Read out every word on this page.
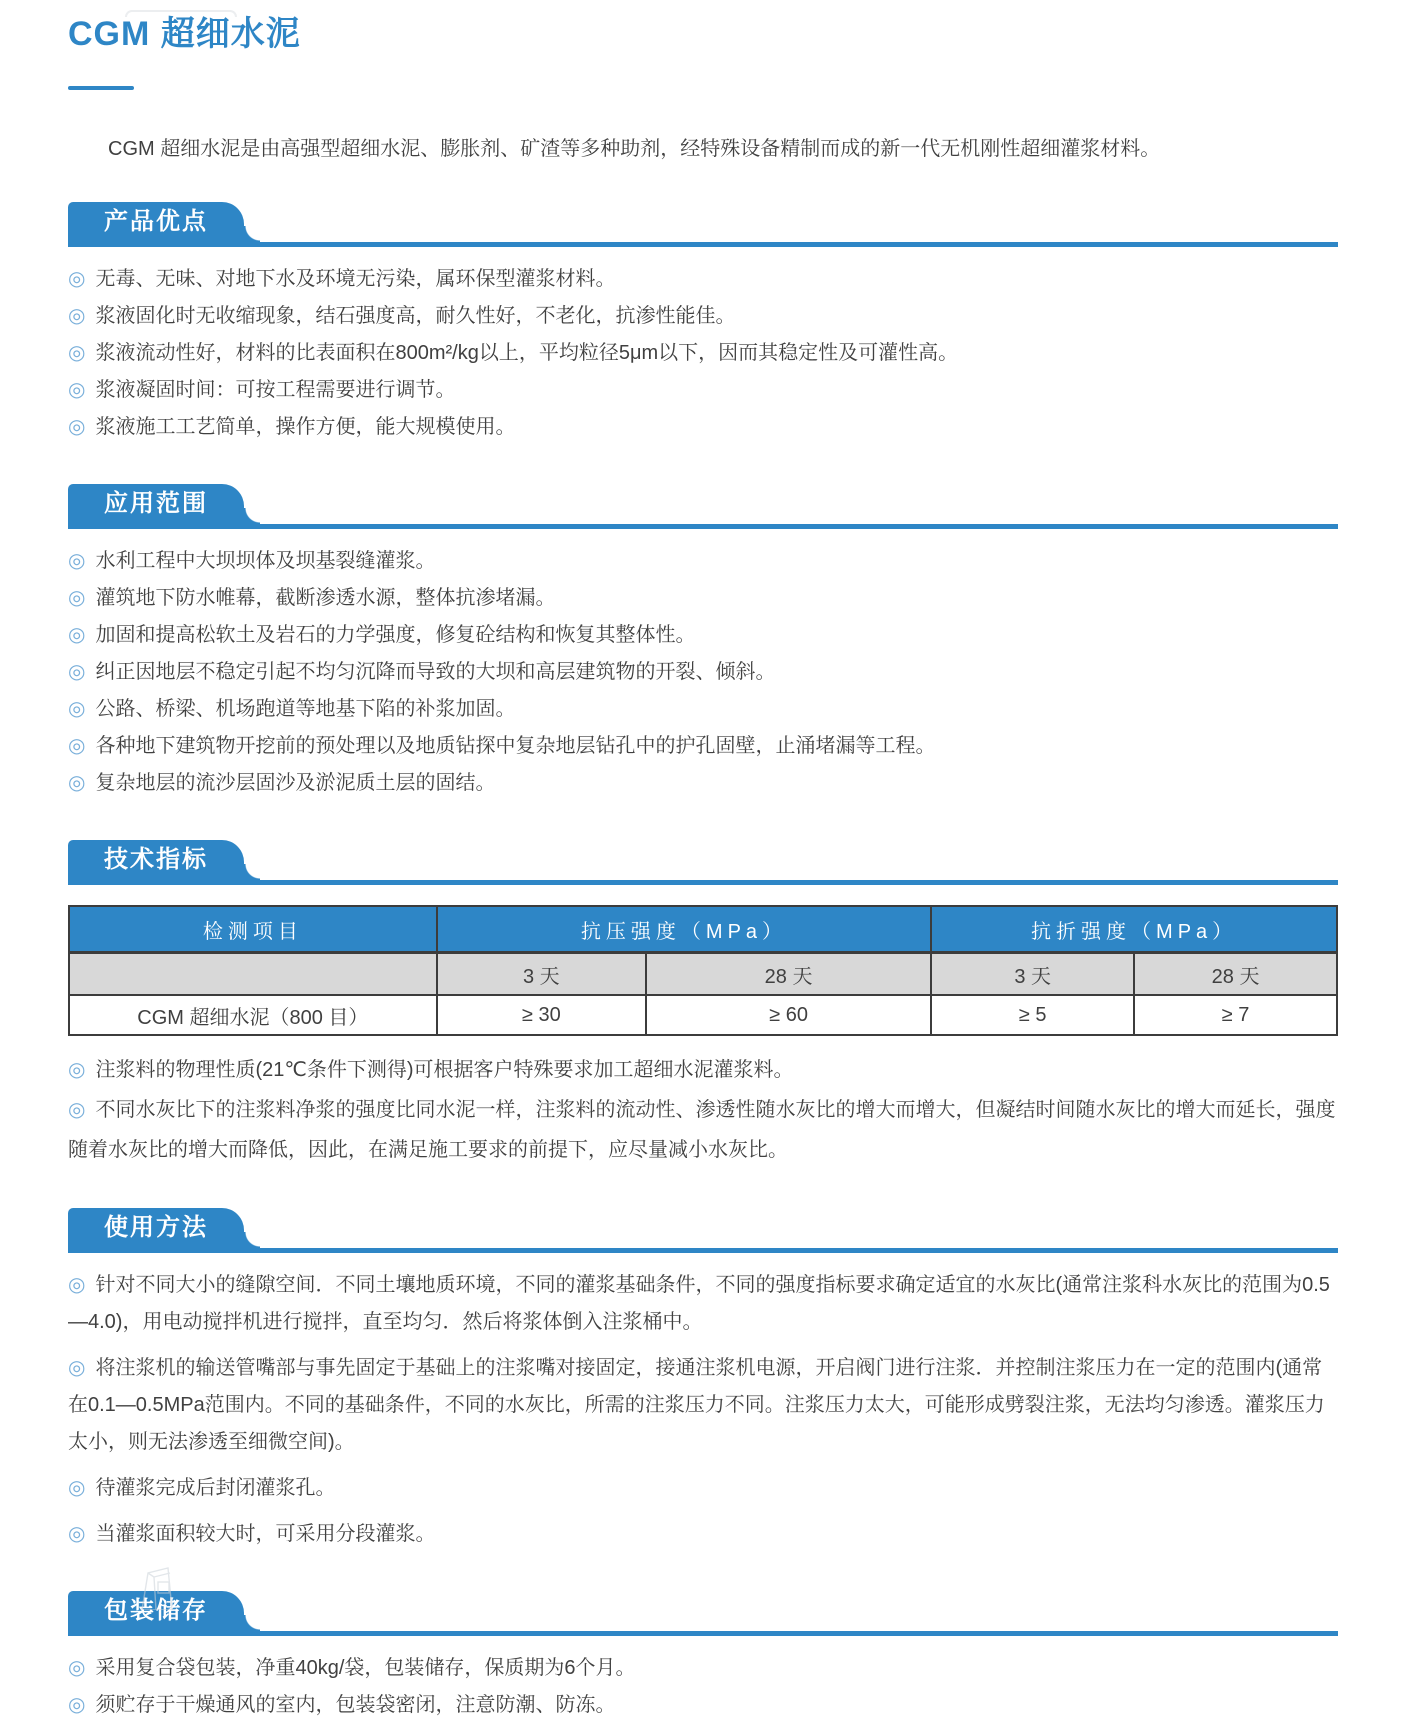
CGM 超细水泥

CGM 超细水泥是由高强型超细水泥、膨胀剂、矿渣等多种助剂，经特殊设备精制而成的新一代无机刚性超细灌浆材料。

产品优点

◎ 无毒、无味、对地下水及环境无污染，属环保型灌浆材料。

◎ 浆液固化时无收缩现象，结石强度高，耐久性好，不老化，抗渗性能佳。

◎ 浆液流动性好，材料的比表面积在800m²/kg以上，平均粒径5μm以下，因而其稳定性及可灌性高。

◎ 浆液凝固时间：可按工程需要进行调节。

◎ 浆液施工工艺简单，操作方便，能大规模使用。

应用范围

◎ 水利工程中大坝坝体及坝基裂缝灌浆。

◎ 灌筑地下防水帷幕，截断渗透水源，整体抗渗堵漏。

◎ 加固和提高松软土及岩石的力学强度，修复砼结构和恢复其整体性。

◎ 纠正因地层不稳定引起不均匀沉降而导致的大坝和高层建筑物的开裂、倾斜。

◎ 公路、桥梁、机场跑道等地基下陷的补浆加固。

◎ 各种地下建筑物开挖前的预处理以及地质钻探中复杂地层钻孔中的护孔固壁，止涌堵漏等工程。

◎ 复杂地层的流沙层固沙及淤泥质土层的固结。

技术指标
检测项目	抗压强度（MPa）		抗折强度（MPa）	
	3 天	28 天	3 天	28 天
CGM 超细水泥（800 目）	≥ 30	≥ 60	≥ 5	≥ 7

◎ 注浆料的物理性质(21℃条件下测得)可根据客户特殊要求加工超细水泥灌浆料。

◎ 不同水灰比下的注浆料净浆的强度比同水泥一样，注浆料的流动性、渗透性随水灰比的增大而增大，但凝结时间随水灰比的增大而延长，强度随着水灰比的增大而降低，因此，在满足施工要求的前提下，应尽量减小水灰比。

使用方法

◎ 针对不同大小的缝隙空间．不同土壤地质环境，不同的灌浆基础条件，不同的强度指标要求确定适宜的水灰比(通常注浆科水灰比的范围为0.5—4.0)，用电动搅拌机进行搅拌，直至均匀．然后将浆体倒入注浆桶中。

◎ 将注浆机的输送管嘴部与事先固定于基础上的注浆嘴对接固定，接通注浆机电源，开启阀门进行注浆．并控制注浆压力在一定的范围内(通常在0.1—0.5MPa范围内。不同的基础条件，不同的水灰比，所需的注浆压力不同。注浆压力太大，可能形成劈裂注浆，无法均匀渗透。灌浆压力太小，则无法渗透至细微空间)。

◎ 待灌浆完成后封闭灌浆孔。

◎ 当灌浆面积较大时，可采用分段灌浆。

包装储存

◎ 采用复合袋包装，净重40kg/袋，包装储存，保质期为6个月。

◎ 须贮存于干燥通风的室内，包装袋密闭，注意防潮、防冻。
